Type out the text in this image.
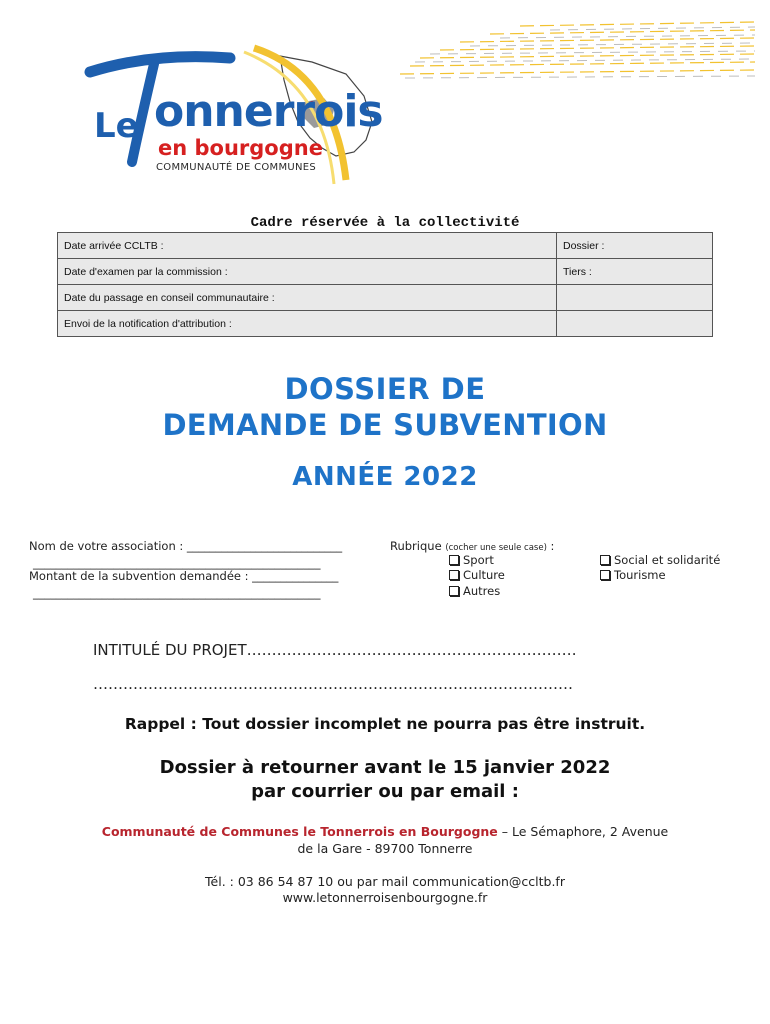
Le onnerrois
en bourgogne
COMMUNAUTÉ DE COMMUNES
Cadre réservée à la collectivité
Date arrivée CCLTB :	Dossier :
Date d'examen par la commission :	Tiers :
Date du passage en conseil communautaire :	
Envoi de la notification d'attribution :	
DOSSIER DE
DEMANDE DE SUBVENTION
ANNÉE 2022
Nom de votre association : ___________________________
__________________________________________________
Montant de la subvention demandée : _______________
__________________________________________________
Rubrique (cocher une seule case) :
Sport
Culture
Autres
Social et solidarité
Tourisme
INTITULÉ DU PROJET…………………………………………………………
……………………………………………………………………………………
Rappel : Tout dossier incomplet ne pourra pas être instruit.
Dossier à retourner avant le 15 janvier 2022
par courrier ou par email :
Communauté de Communes le Tonnerrois en Bourgogne – Le Sémaphore, 2 Avenue
de la Gare - 89700 Tonnerre
Tél. : 03 86 54 87 10 ou par mail communication@ccltb.fr
www.letonnerroisenbourgogne.fr
